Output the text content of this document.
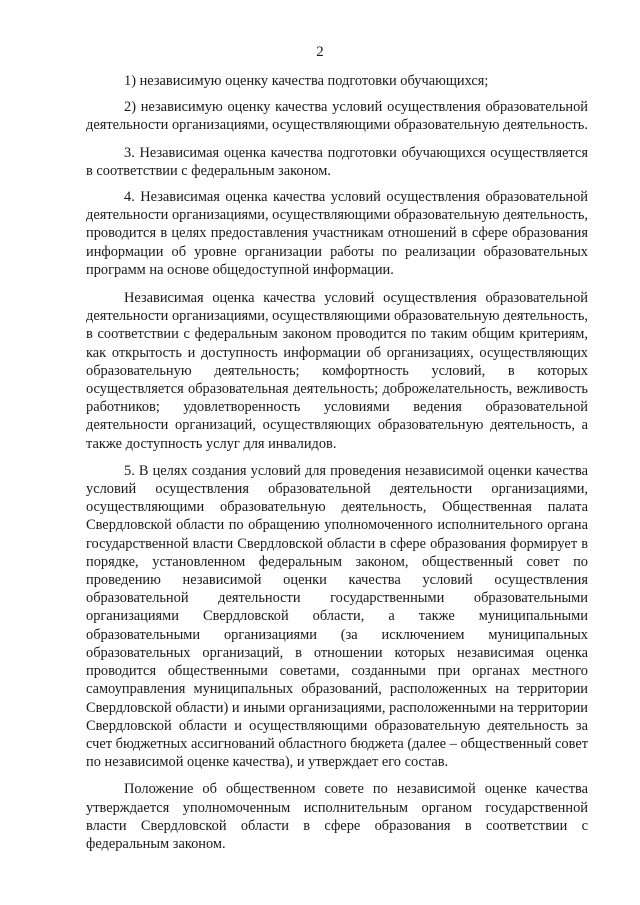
2

1) независимую оценку качества подготовки обучающихся;

2) независимую оценку качества условий осуществления образовательной деятельности организациями, осуществляющими образовательную деятельность.

3. Независимая оценка качества подготовки обучающихся осуществляется в соответствии с федеральным законом.

4. Независимая оценка качества условий осуществления образовательной деятельности организациями, осуществляющими образовательную деятельность, проводится в целях предоставления участникам отношений в сфере образования информации об уровне организации работы по реализации образовательных программ на основе общедоступной информации.

Независимая оценка качества условий осуществления образовательной деятельности организациями, осуществляющими образовательную деятельность, в соответствии с федеральным законом проводится по таким общим критериям, как открытость и доступность информации об организациях, осуществляющих образовательную деятельность; комфортность условий, в которых осуществляется образовательная деятельность; доброжелательность, вежливость работников; удовлетворенность условиями ведения образовательной деятельности организаций, осуществляющих образовательную деятельность, а также доступность услуг для инвалидов.

5. В целях создания условий для проведения независимой оценки качества условий осуществления образовательной деятельности организациями, осуществляющими образовательную деятельность, Общественная палата Свердловской области по обращению уполномоченного исполнительного органа государственной власти Свердловской области в сфере образования формирует в порядке, установленном федеральным законом, общественный совет по проведению независимой оценки качества условий осуществления образовательной деятельности государственными образовательными организациями Свердловской области, а также муниципальными образовательными организациями (за исключением муниципальных образовательных организаций, в отношении которых независимая оценка проводится общественными советами, созданными при органах местного самоуправления муниципальных образований, расположенных на территории Свердловской области) и иными организациями, расположенными на территории Свердловской области и осуществляющими образовательную деятельность за счет бюджетных ассигнований областного бюджета (далее – общественный совет по независимой оценке качества), и утверждает его состав.

Положение об общественном совете по независимой оценке качества утверждается уполномоченным исполнительным органом государственной власти Свердловской области в сфере образования в соответствии с федеральным законом.
